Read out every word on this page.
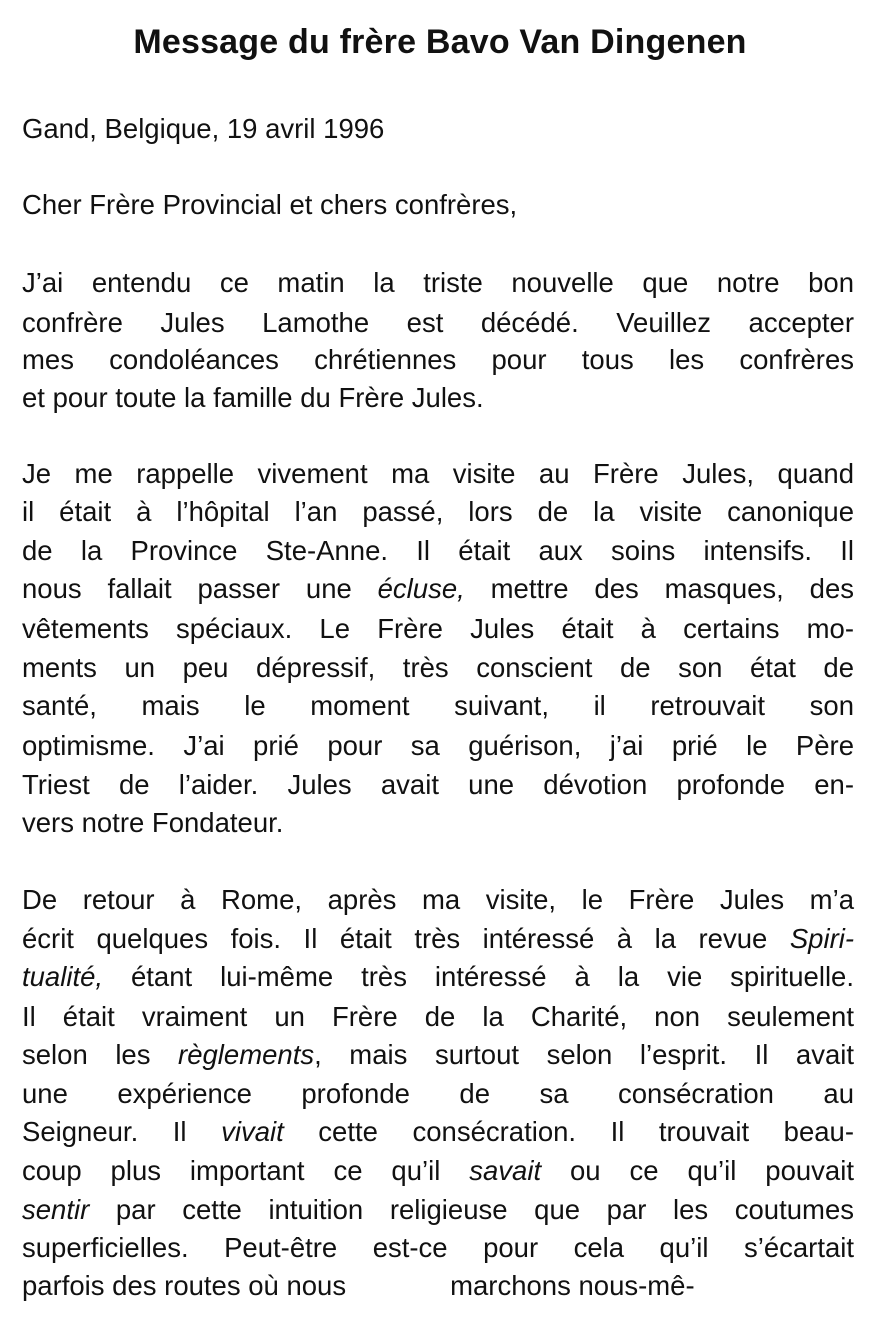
Message du frère Bavo Van Dingenen
Gand, Belgique, 19 avril 1996
Cher Frère Provincial et chers confrères,
J’ai entendu ce matin la triste nouvelle que notre bon
confrère Jules Lamothe est décédé. Veuillez accepter
mes condoléances chrétiennes pour tous les confrères
et pour toute la famille du Frère Jules.
Je me rappelle vivement ma visite au Frère Jules, quand
il était à l’hôpital l’an passé, lors de la visite canonique
de la Province Ste-Anne. Il était aux soins intensifs. Il
nous fallait passer une écluse, mettre des masques, des
vêtements spéciaux. Le Frère Jules était à certains mo-
ments un peu dépressif, très conscient de son état de
santé, mais le moment suivant, il retrouvait son
optimisme. J’ai prié pour sa guérison, j’ai prié le Père
Triest de l’aider. Jules avait une dévotion profonde en-
vers notre Fondateur.
De retour à Rome, après ma visite, le Frère Jules m’a
écrit quelques fois. Il était très intéressé à la revue Spiri-
tualité, étant lui-même très intéressé à la vie spirituelle.
Il était vraiment un Frère de la Charité, non seulement
selon les règlements, mais surtout selon l’esprit. Il avait
une expérience profonde de sa consécration au
Seigneur. Il vivait cette consécration. Il trouvait beau-
coup plus important ce qu’il savait ou ce qu’il pouvait
sentir par cette intuition religieuse que par les coutumes
superficielles. Peut-être est-ce pour cela qu’il s’écartait
parfois des routes où nous	marchons nous-mê-
